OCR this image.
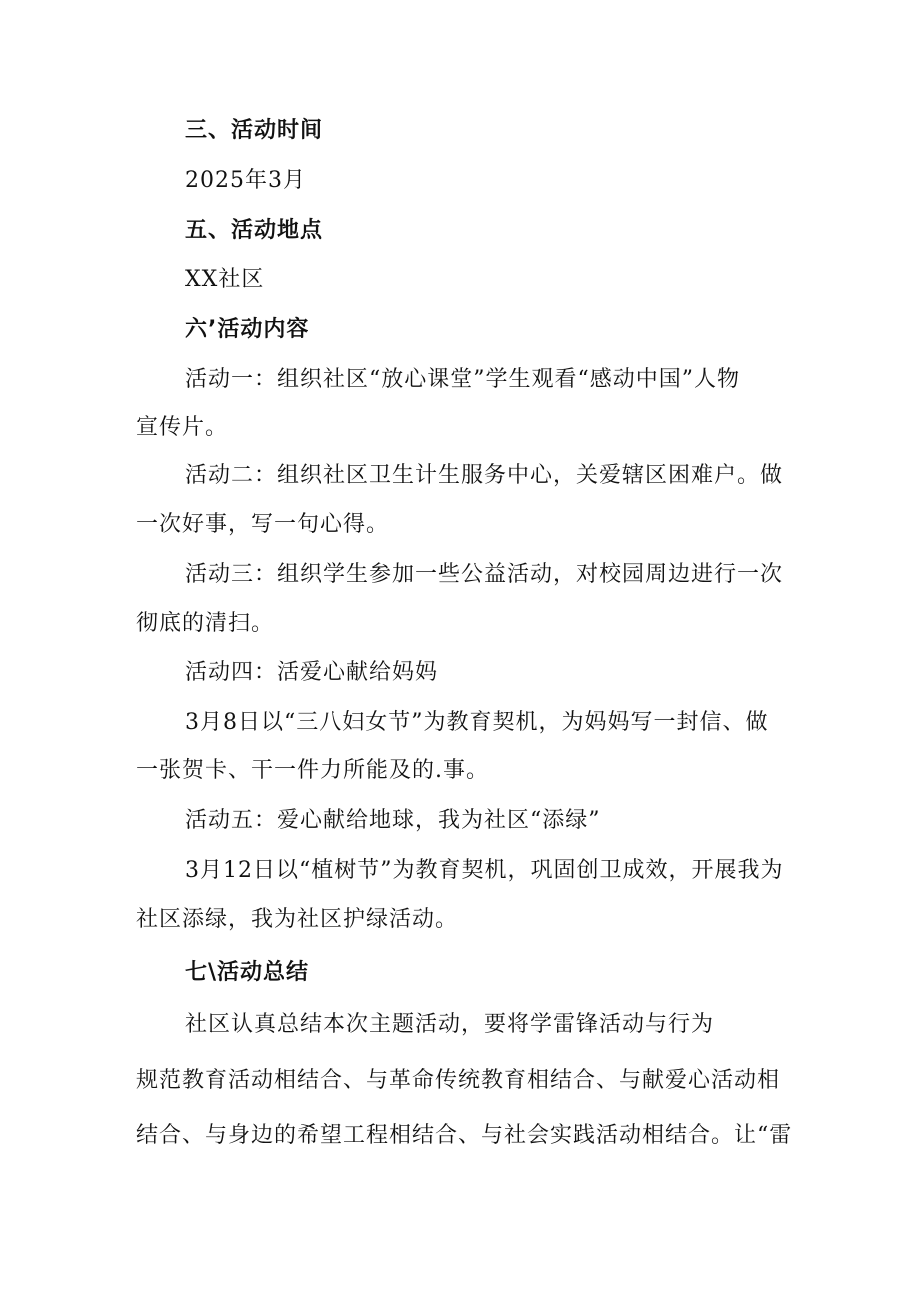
三、活动时间
2025年3月
五、活动地点
XX社区
六’活动内容
活动一：组织社区“放心课堂”学生观看“感动中国”人物
宣传片。
活动二：组织社区卫生计生服务中心，关爱辖区困难户。做
一次好事，写一句心得。
活动三：组织学生参加一些公益活动，对校园周边进行一次
彻底的清扫。
活动四：活爱心献给妈妈
3月8日以“三八妇女节”为教育契机，为妈妈写一封信、做
一张贺卡、干一件力所能及的.事。
活动五：爱心献给地球，我为社区“添绿”
3月12日以“植树节”为教育契机，巩固创卫成效，开展我为
社区添绿，我为社区护绿活动。
七\活动总结
社区认真总结本次主题活动，要将学雷锋活动与行为
规范教育活动相结合、与革命传统教育相结合、与献爱心活动相
结合、与身边的希望工程相结合、与社会实践活动相结合。让“雷
